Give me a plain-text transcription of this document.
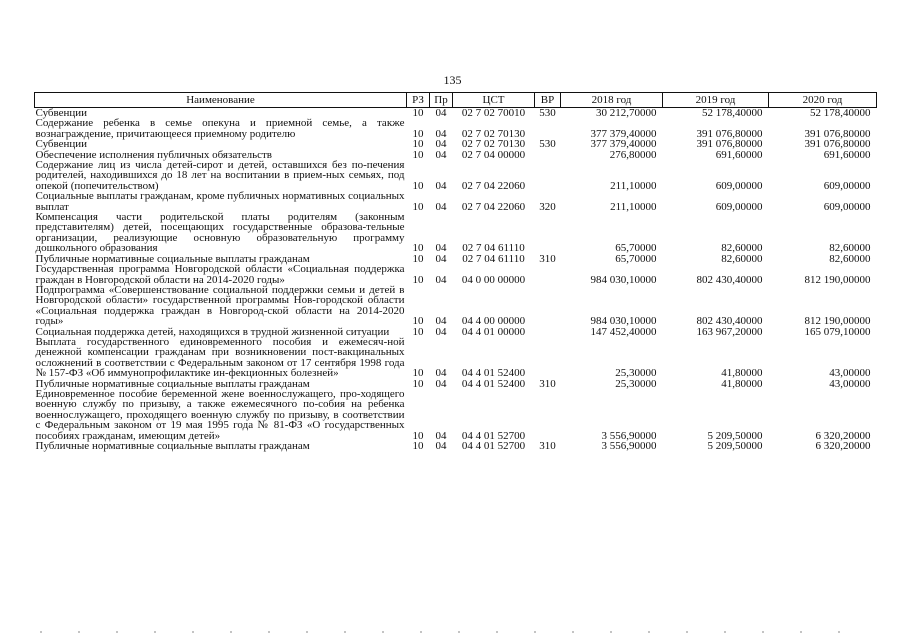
135
Наименование	РЗ	Пр	ЦСТ	ВР	2018 год	2019 год	2020 год
Субвенции	10	04	02 7 02 70010	530	30 212,70000	52 178,40000	52 178,40000
Содержание ребенка в семье опекуна и приемной семье, а также вознаграждение, причитающееся приемному родителю	10	04	02 7 02 70130		377 379,40000	391 076,80000	391 076,80000
Субвенции	10	04	02 7 02 70130	530	377 379,40000	391 076,80000	391 076,80000
Обеспечение исполнения публичных обязательств	10	04	02 7 04 00000		276,80000	691,60000	691,60000
Содержание лиц из числа детей-сирот и детей, оставшихся без по-печения родителей, находившихся до 18 лет на воспитании в прием-ных семьях, под опекой (попечительством)	10	04	02 7 04 22060		211,10000	609,00000	609,00000
Социальные выплаты гражданам, кроме публичных нормативных социальных выплат	10	04	02 7 04 22060	320	211,10000	609,00000	609,00000
Компенсация части родительской платы родителям (законным представителям) детей, посещающих государственные образова-тельные организации, реализующие основную образовательную программу дошкольного образования	10	04	02 7 04 61110		65,70000	82,60000	82,60000
Публичные нормативные социальные выплаты гражданам	10	04	02 7 04 61110	310	65,70000	82,60000	82,60000
Государственная программа Новгородской области «Социальная поддержка граждан в Новгородской области на 2014-2020 годы»	10	04	04 0 00 00000		984 030,10000	802 430,40000	812 190,00000
Подпрограмма «Совершенствование социальной поддержки семьи и детей в Новгородской области» государственной программы Нов-городской области «Социальная поддержка граждан в Новгород-ской области на 2014-2020 годы»	10	04	04 4 00 00000		984 030,10000	802 430,40000	812 190,00000
Социальная поддержка детей, находящихся в трудной жизненной ситуации	10	04	04 4 01 00000		147 452,40000	163 967,20000	165 079,10000
Выплата государственного единовременного пособия и ежемесяч-ной денежной компенсации гражданам при возникновении пост-вакцинальных осложнений в соответствии с Федеральным законом от 17 сентября 1998 года № 157-ФЗ «Об иммунопрофилактике ин-фекционных болезней»	10	04	04 4 01 52400		25,30000	41,80000	43,00000
Публичные нормативные социальные выплаты гражданам	10	04	04 4 01 52400	310	25,30000	41,80000	43,00000
Единовременное пособие беременной жене военнослужащего, про-ходящего военную службу по призыву, а также ежемесячного по-собия на ребенка военнослужащего, проходящего военную службу по призыву, в соответствии с Федеральным законом от 19 мая 1995 года № 81-ФЗ «О государственных пособиях гражданам, имеющим детей»	10	04	04 4 01 52700		3 556,90000	5 209,50000	6 320,20000
Публичные нормативные социальные выплаты гражданам	10	04	04 4 01 52700	310	3 556,90000	5 209,50000	6 320,20000
